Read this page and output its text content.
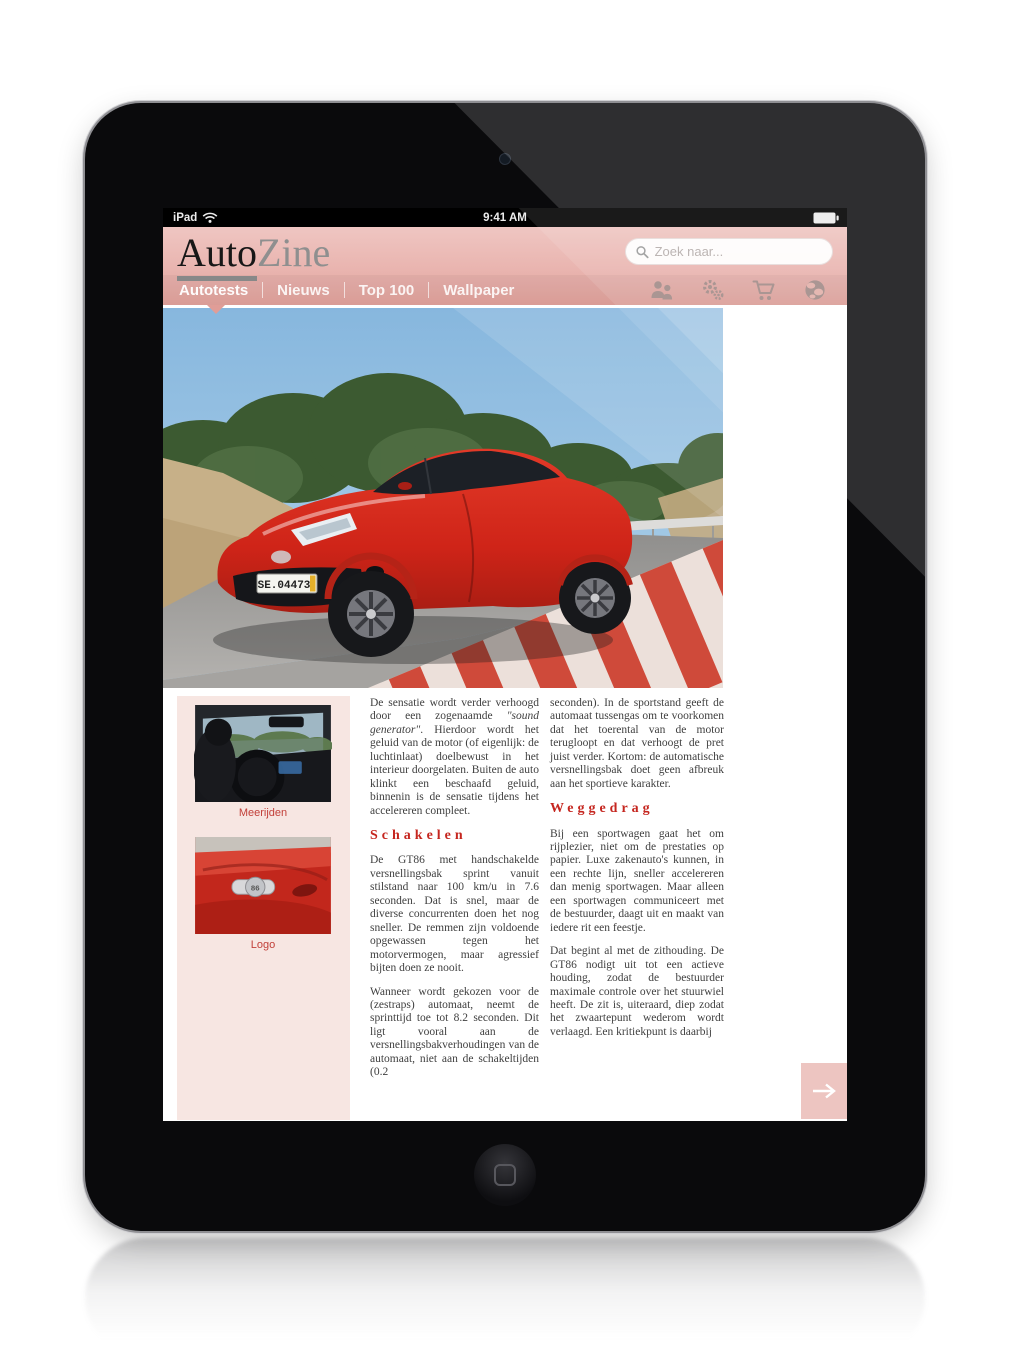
iPad	9:41 AM
AutoZine
Zoek naar...
Autotests	Nieuws	Top 100	Wallpaper
SE.04473
Meerijden
86
Logo

De sensatie wordt verder verhoogd door een zogenaamde "sound generator". Hierdoor wordt het geluid van de motor (of eigenlijk: de luchtinlaat) doelbewust in het interieur doorgelaten. Buiten de auto klinkt een beschaafd geluid, binnenin is de sensatie tijdens het accelereren compleet.

Schakelen

De GT86 met handschakelde versnellingsbak sprint vanuit stilstand naar 100 km/u in 7.6 seconden. Dat is snel, maar de diverse concurrenten doen het nog sneller. De remmen zijn voldoende opgewassen tegen het motorvermogen, maar agressief bijten doen ze nooit.

Wanneer wordt gekozen voor de (zestraps) automaat, neemt de sprinttijd toe tot 8.2 seconden. Dit ligt vooral aan de versnellingsbakverhoudingen van de automaat, niet aan de schakeltijden (0.2

seconden). In de sportstand geeft de automaat tussengas om te voorkomen dat het toerental van de motor terugloopt en dat verhoogt de pret juist verder. Kortom: de automatische versnellingsbak doet geen afbreuk aan het sportieve karakter.

Weggedrag

Bij een sportwagen gaat het om rijplezier, niet om de prestaties op papier. Luxe zakenauto's kunnen, in een rechte lijn, sneller accelereren dan menig sportwagen. Maar alleen een sportwagen communiceert met de bestuurder, daagt uit en maakt van iedere rit een feestje.

Dat begint al met de zithouding. De GT86 nodigt uit tot een actieve houding, zodat de bestuurder maximale controle over het stuurwiel heeft. De zit is, uiteraard, diep zodat het zwaartepunt wederom wordt verlaagd. Een kritiekpunt is daarbij
